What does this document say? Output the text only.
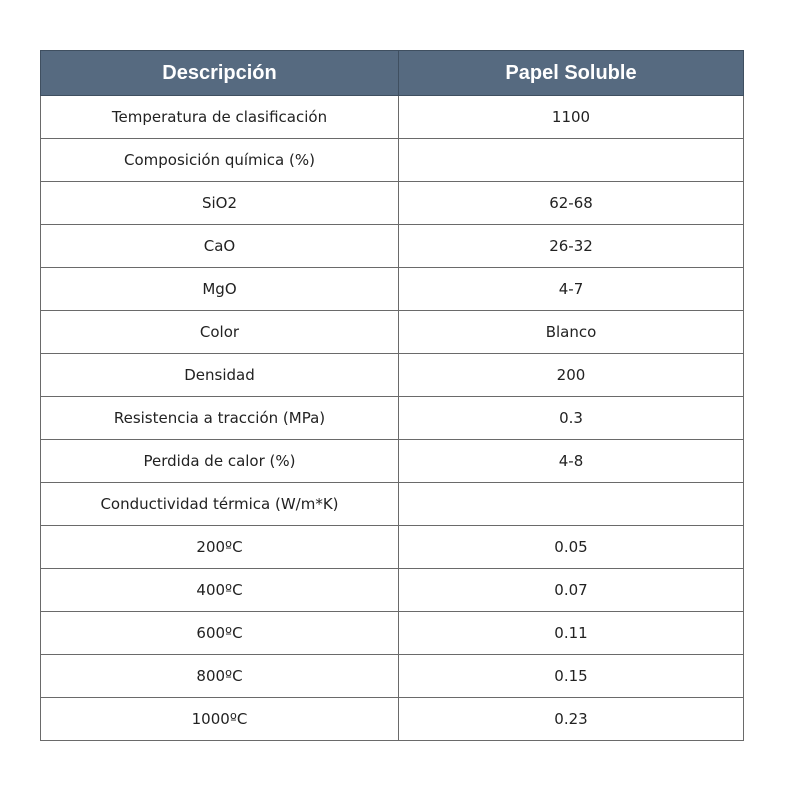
Descripción	Papel Soluble
Temperatura de clasificación	1100
Composición química (%)	
SiO2	62-68
CaO	26-32
MgO	4-7
Color	Blanco
Densidad	200
Resistencia a tracción (MPa)	0.3
Perdida de calor (%)	4-8
Conductividad térmica (W/m*K)	
200ºC	0.05
400ºC	0.07
600ºC	0.11
800ºC	0.15
1000ºC	0.23
